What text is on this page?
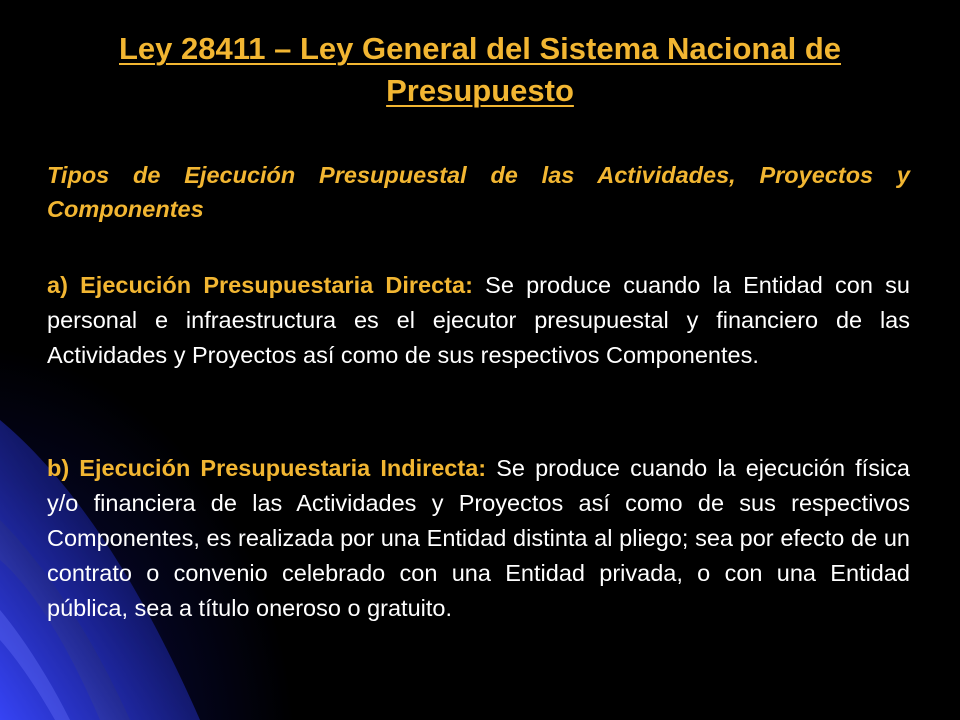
Ley 28411 – Ley General del Sistema Nacional de Presupuesto
Tipos de Ejecución Presupuestal de las Actividades, Proyectos y Componentes
a) Ejecución Presupuestaria Directa: Se produce cuando la Entidad con su personal e infraestructura es el ejecutor presupuestal y financiero de las Actividades y Proyectos así como de sus respectivos Componentes.
b) Ejecución Presupuestaria Indirecta: Se produce cuando la ejecución física y/o financiera de las Actividades y Proyectos así como de sus respectivos Componentes, es realizada por una Entidad distinta al pliego; sea por efecto de un contrato o convenio celebrado con una Entidad privada, o con una Entidad pública, sea a título oneroso o gratuito.
